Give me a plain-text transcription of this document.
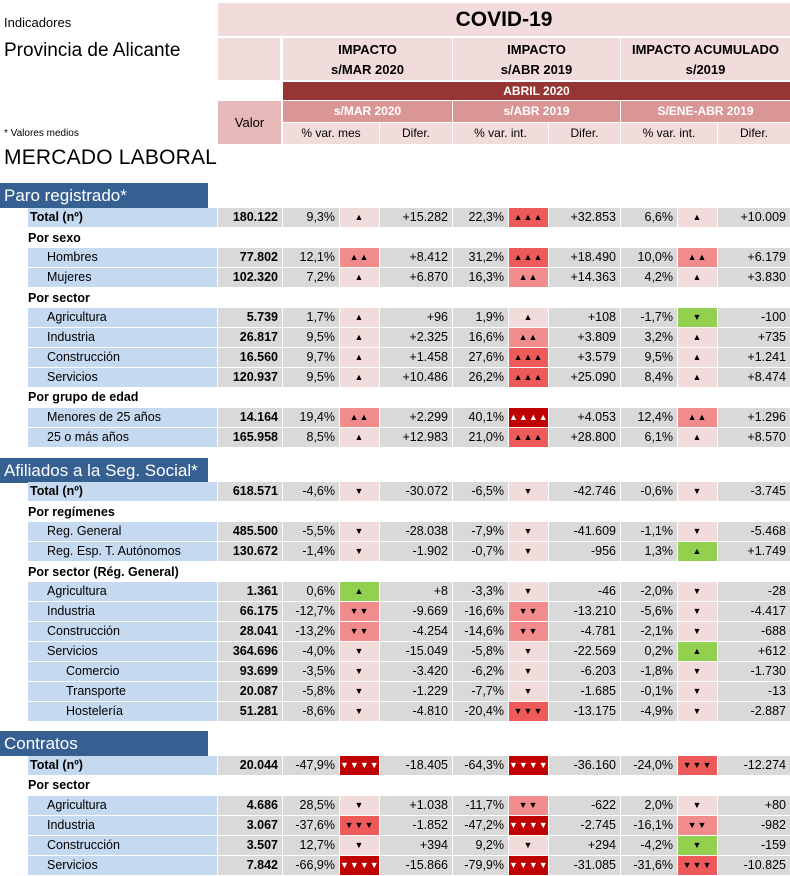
Indicadores
Provincia de Alicante
* Valores medios
MERCADO LABORAL
COVID-19
IMPACTO
s/MAR 2020
IMPACTO
s/ABR 2019
IMPACTO ACUMULADO
s/2019
ABRIL 2020
Valor
s/MAR 2020	s/ABR 2019	S/ENE-ABR 2019
% var. mes	Difer.	% var. int.	Difer.	% var. int.	Difer.
Paro registrado*
Afiliados a la Seg. Social*
Contratos
Por sexo
Por sector
Por grupo de edad
Por regímenes
Por sector (Rég. General)
Por sector
Total (nº)	180.122	9,3%	▲	+15.282	22,3%	▲▲▲	+32.853	6,6%	▲	+10.009
Hombres	77.802	12,1%	▲▲	+8.412	31,2%	▲▲▲	+18.490	10,0%	▲▲	+6.179
Mujeres	102.320	7,2%	▲	+6.870	16,3%	▲▲	+14.363	4,2%	▲	+3.830
Agricultura	5.739	1,7%	▲	+96	1,9%	▲	+108	-1,7%	▼	-100
Industria	26.817	9,5%	▲	+2.325	16,6%	▲▲	+3.809	3,2%	▲	+735
Construcción	16.560	9,7%	▲	+1.458	27,6%	▲▲▲	+3.579	9,5%	▲	+1.241
Servicios	120.937	9,5%	▲	+10.486	26,2%	▲▲▲	+25.090	8,4%	▲	+8.474
Menores de 25 años	14.164	19,4%	▲▲	+2.299	40,1% ▲▲▲▲	+4.053	12,4%	▲▲	+1.296
25 o más años	165.958	8,5%	▲	+12.983	21,0%	▲▲▲	+28.800	6,1%	▲	+8.570
Total (nº)	618.571	-4,6%	▼	-30.072	-6,5%	▼	-42.746	-0,6%	▼	-3.745
Reg. General	485.500	-5,5%	▼	-28.038	-7,9%	▼	-41.609	-1,1%	▼	-5.468
Reg. Esp. T. Autónomos	130.672	-1,4%	▼	-1.902	-0,7%	▼	-956	1,3%	▲	+1.749
Agricultura	1.361	0,6%	▲	+8	-3,3%	▼	-46	-2,0%	▼	-28
Industria	66.175	-12,7%	▼▼	-9.669	-16,6%	▼▼	-13.210	-5,6%	▼	-4.417
Construcción	28.041	-13,2%	▼▼	-4.254	-14,6%	▼▼	-4.781	-2,1%	▼	-688
Servicios	364.696	-4,0%	▼	-15.049	-5,8%	▼	-22.569	0,2%	▲	+612
Comercio	93.699	-3,5%	▼	-3.420	-6,2%	▼	-6.203	-1,8%	▼	-1.730
Transporte	20.087	-5,8%	▼	-1.229	-7,7%	▼	-1.685	-0,1%	▼	-13
Hostelería	51.281	-8,6%	▼	-4.810	-20,4%	▼▼▼	-13.175	-4,9%	▼	-2.887
Total (nº)	20.044	-47,9% ▼▼▼▼	-18.405	-64,3% ▼▼▼▼	-36.160	-24,0%	▼▼▼	-12.274
Agricultura	4.686	28,5%	▼	+1.038	-11,7%	▼▼	-622	2,0%	▼	+80
Industria	3.067	-37,6%	▼▼▼	-1.852	-47,2% ▼▼▼▼	-2.745	-16,1%	▼▼	-982
Construcción	3.507	12,7%	▼	+394	9,2%	▼	+294	-4,2%	▼	-159
Servicios	7.842	-66,9% ▼▼▼▼	-15.866	-79,9% ▼▼▼▼	-31.085	-31,6%	▼▼▼	-10.825
